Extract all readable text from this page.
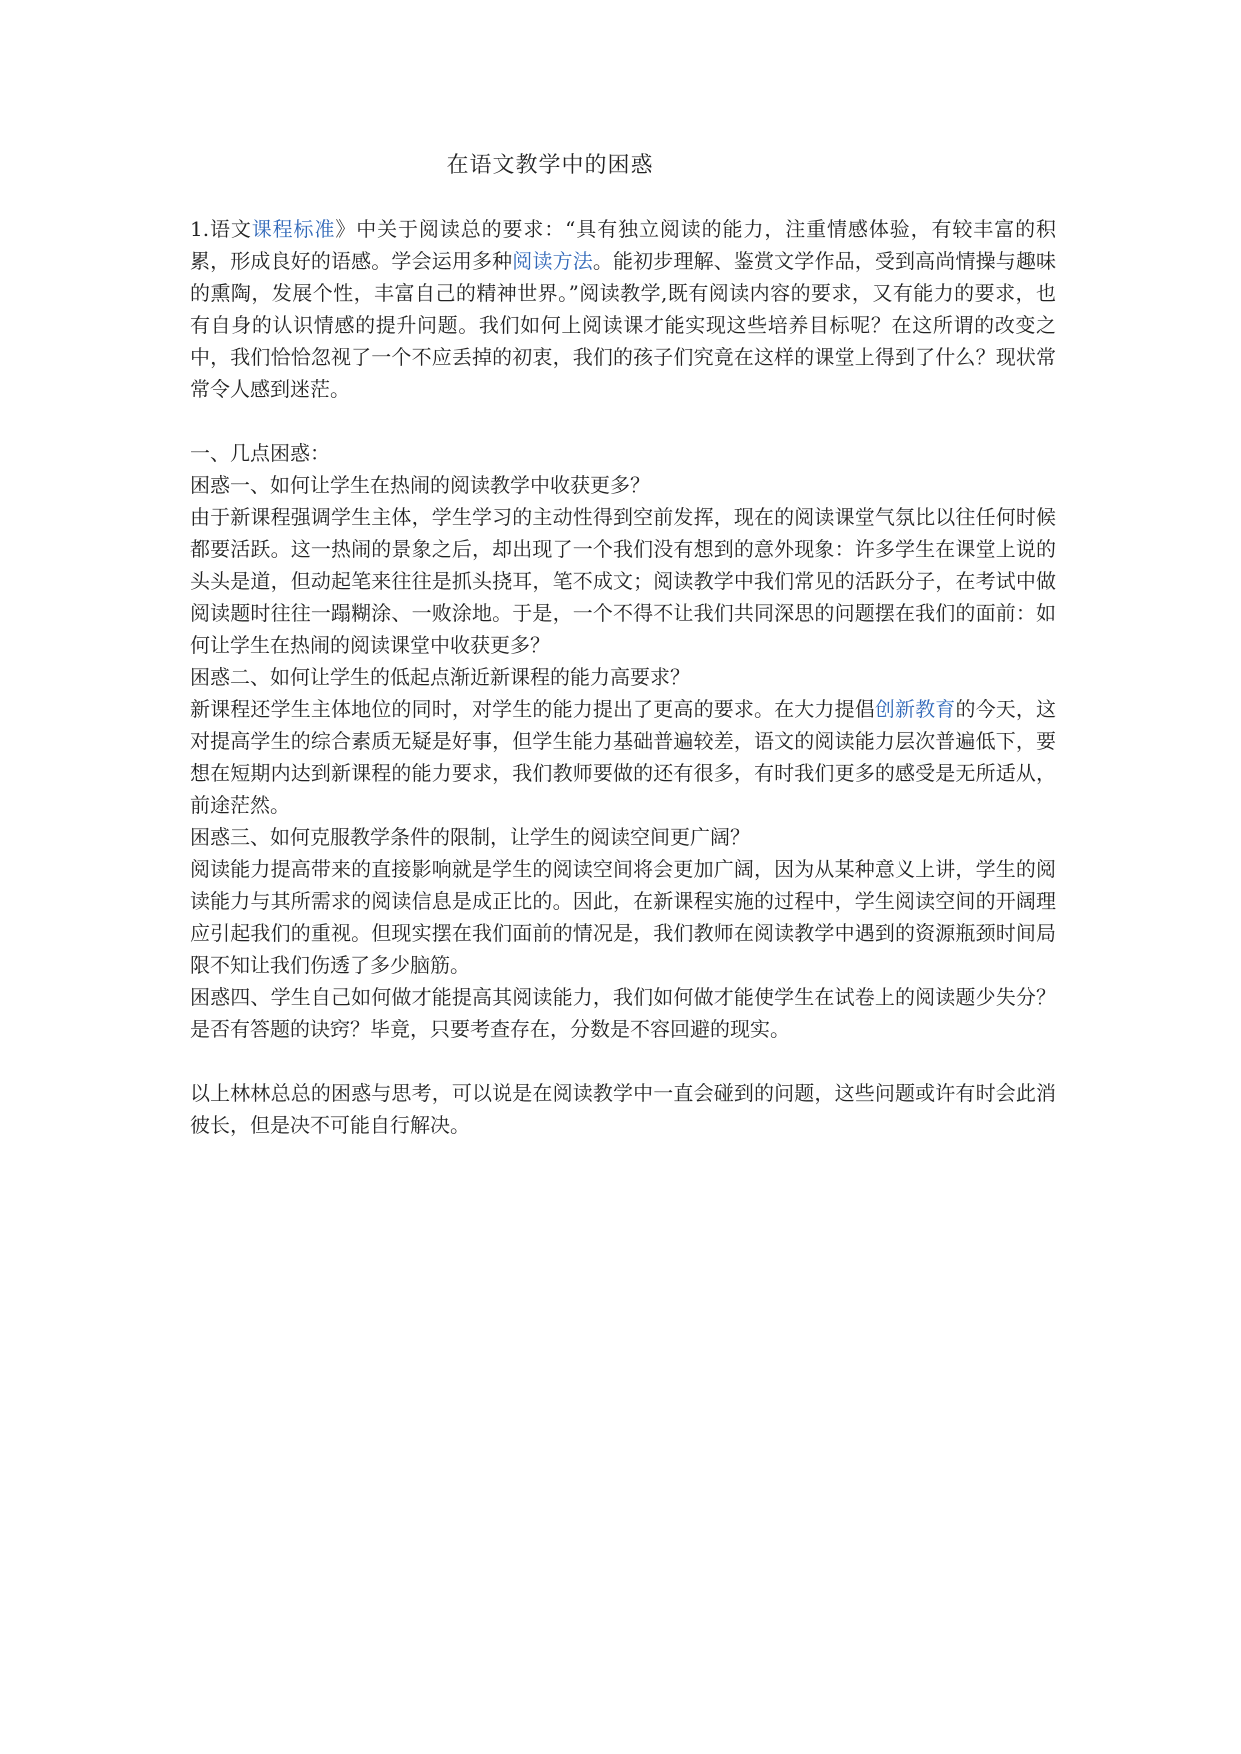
在语文教学中的困惑

1.语文课程标准》中关于阅读总的要求：“具有独立阅读的能力，注重情感体验，有较丰富的积累，形成良好的语感。学会运用多种阅读方法。能初步理解、鉴赏文学作品，受到高尚情操与趣味的熏陶，发展个性，丰富自己的精神世界。”阅读教学,既有阅读内容的要求，又有能力的要求，也有自身的认识情感的提升问题。我们如何上阅读课才能实现这些培养目标呢？在这所谓的改变之中，我们恰恰忽视了一个不应丢掉的初衷，我们的孩子们究竟在这样的课堂上得到了什么？现状常常令人感到迷茫。

一、几点困惑：

困惑一、如何让学生在热闹的阅读教学中收获更多？

由于新课程强调学生主体，学生学习的主动性得到空前发挥，现在的阅读课堂气氛比以往任何时候都要活跃。这一热闹的景象之后，却出现了一个我们没有想到的意外现象：许多学生在课堂上说的头头是道，但动起笔来往往是抓头挠耳，笔不成文；阅读教学中我们常见的活跃分子，在考试中做阅读题时往往一蹋糊涂、一败涂地。于是，一个不得不让我们共同深思的问题摆在我们的面前：如何让学生在热闹的阅读课堂中收获更多？

困惑二、如何让学生的低起点渐近新课程的能力高要求？

新课程还学生主体地位的同时，对学生的能力提出了更高的要求。在大力提倡创新教育的今天，这对提高学生的综合素质无疑是好事，但学生能力基础普遍较差，语文的阅读能力层次普遍低下，要想在短期内达到新课程的能力要求，我们教师要做的还有很多，有时我们更多的感受是无所适从，前途茫然。

困惑三、如何克服教学条件的限制，让学生的阅读空间更广阔？

阅读能力提高带来的直接影响就是学生的阅读空间将会更加广阔，因为从某种意义上讲，学生的阅读能力与其所需求的阅读信息是成正比的。因此，在新课程实施的过程中，学生阅读空间的开阔理应引起我们的重视。但现实摆在我们面前的情况是，我们教师在阅读教学中遇到的资源瓶颈时间局限不知让我们伤透了多少脑筋。

困惑四、学生自己如何做才能提高其阅读能力，我们如何做才能使学生在试卷上的阅读题少失分？是否有答题的诀窍？毕竟，只要考查存在，分数是不容回避的现实。

以上林林总总的困惑与思考，可以说是在阅读教学中一直会碰到的问题，这些问题或许有时会此消彼长，但是决不可能自行解决。
